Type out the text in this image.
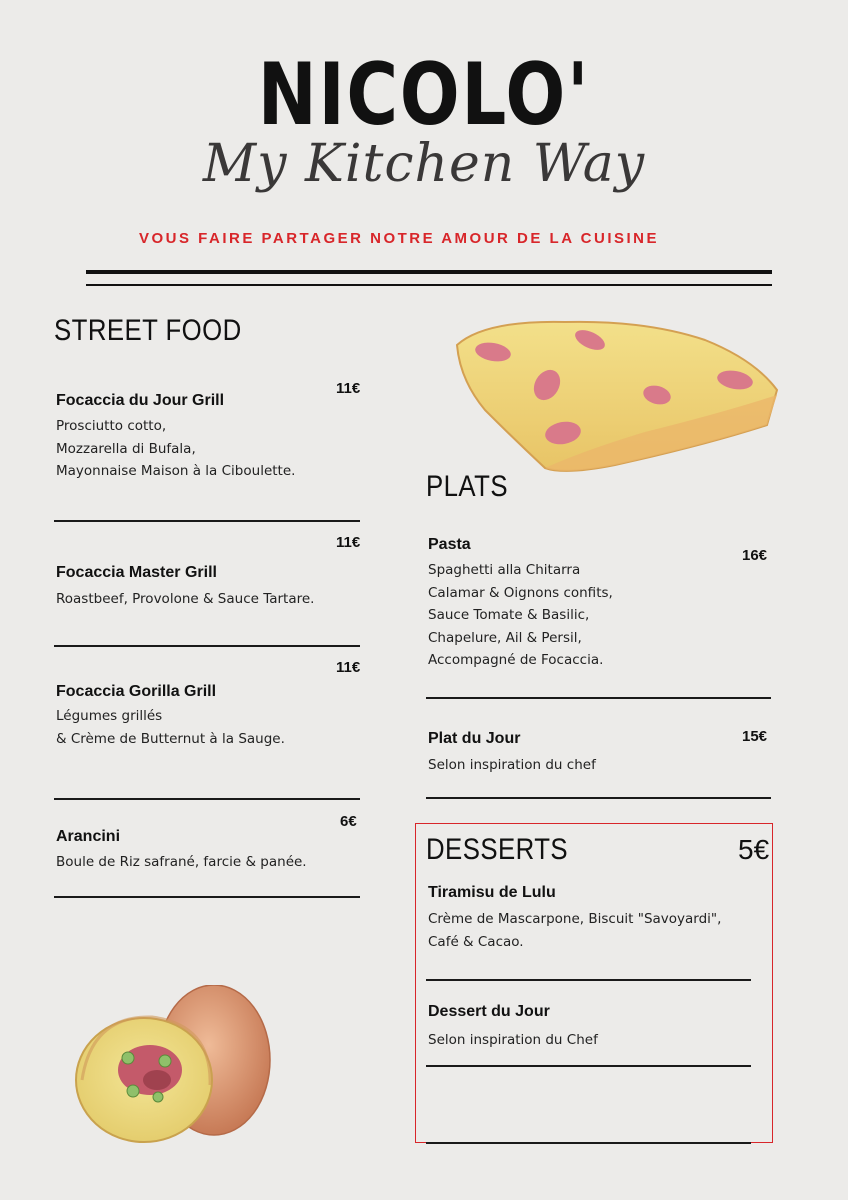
NICOLO'
My Kitchen Way
VOUS FAIRE PARTAGER NOTRE AMOUR DE LA CUISINE
STREET FOOD
11€
Focaccia du Jour Grill
Prosciutto cotto,
Mozzarella di Bufala,
Mayonnaise Maison à la Ciboulette.
11€
Focaccia Master Grill
Roastbeef, Provolone & Sauce Tartare.
11€
Focaccia Gorilla Grill
Légumes grillés
& Crème de Butternut à la Sauge.
6€
Arancini
Boule de Riz safrané, farcie & panée.
PLATS
Pasta
16€
Spaghetti alla Chitarra
Calamar & Oignons confits,
Sauce Tomate & Basilic,
Chapelure, Ail & Persil,
Accompagné de Focaccia.
Plat du Jour	15€
Selon inspiration du chef
DESSERTS	5€
Tiramisu de Lulu
Crème de Mascarpone, Biscuit "Savoyardi",
Café & Cacao.
Dessert du Jour
Selon inspiration du Chef
